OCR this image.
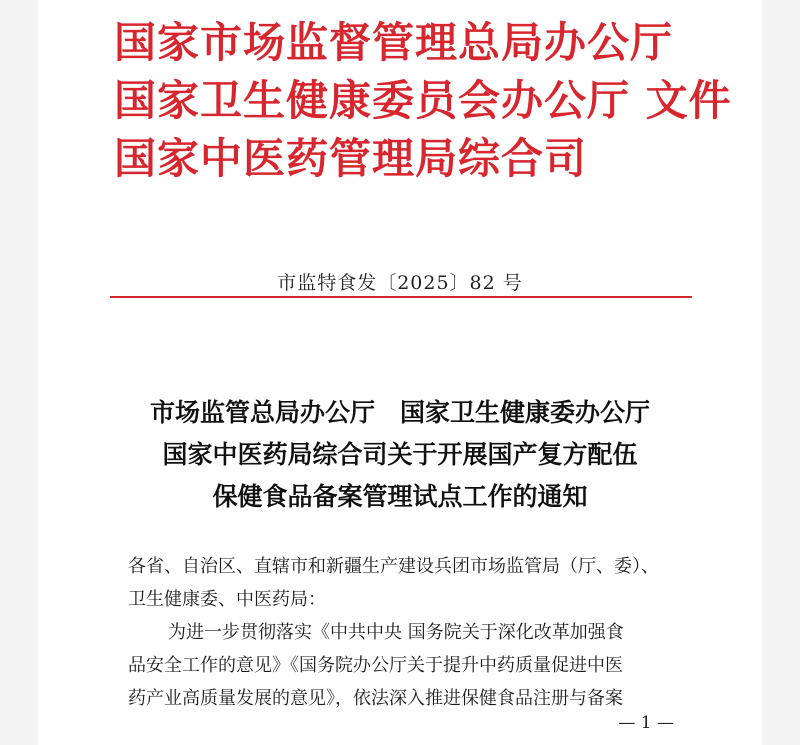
国家市场监督管理总局办公厅
国家卫生健康委员会办公厅 文件
国家中医药管理局综合司
市监特食发〔2025〕82 号
市场监管总局办公厅　国家卫生健康委办公厅
国家中医药局综合司关于开展国产复方配伍
保健食品备案管理试点工作的通知
各省、自治区、直辖市和新疆生产建设兵团市场监管局（厅、委）、
卫生健康委、中医药局：
为进一步贯彻落实《中共中央 国务院关于深化改革加强食
品安全工作的意见》《国务院办公厅关于提升中药质量促进中医
药产业高质量发展的意见》，依法深入推进保健食品注册与备案
— 1 —
